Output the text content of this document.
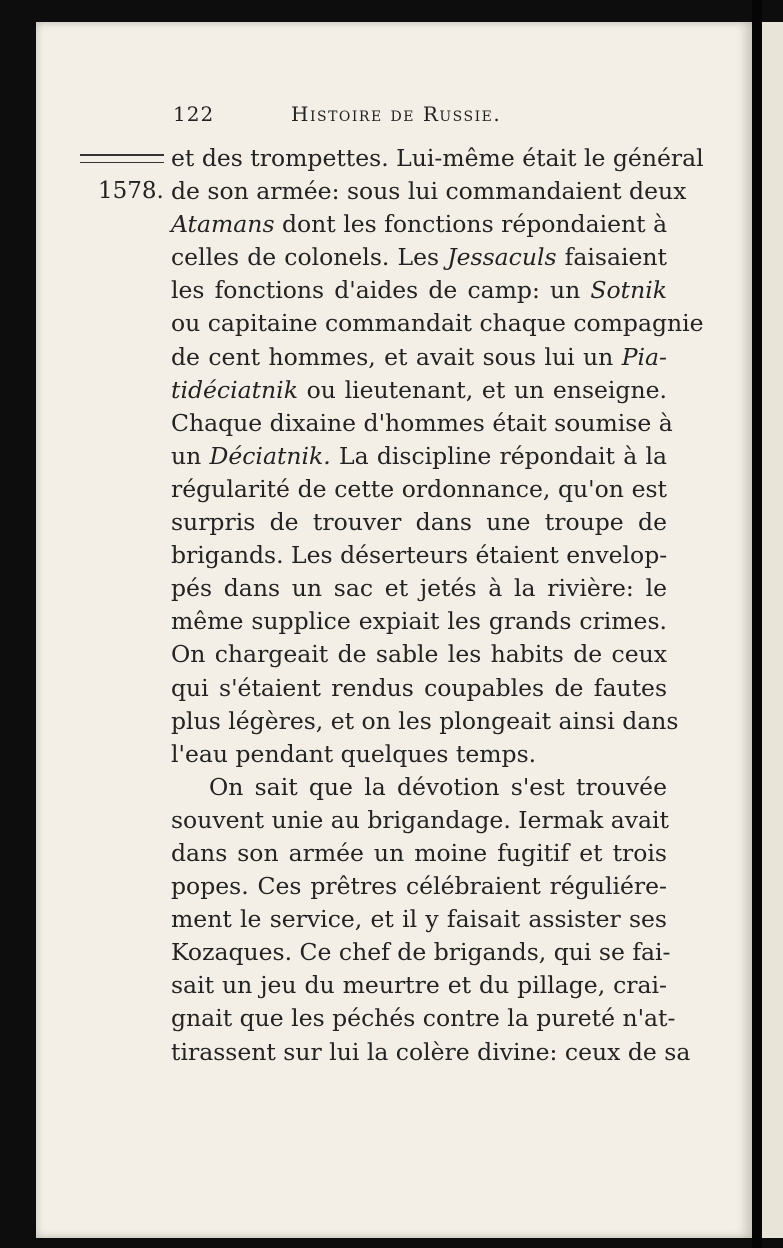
122	Histoire de Russie.
1578.
et des trompettes. Lui-même était le général
de son armée: sous lui commandaient deux
Atamans dont les fonctions répondaient à
celles de colonels. Les Jessaculs faisaient
les fonctions d'aides de camp: un Sotnik
ou capitaine commandait chaque compagnie
de cent hommes, et avait sous lui un Pia-
tidéciatnik ou lieutenant, et un enseigne.
Chaque dixaine d'hommes était soumise à
un Déciatnik. La discipline répondait à la
régularité de cette ordonnance, qu'on est
surpris de trouver dans une troupe de
brigands. Les déserteurs étaient envelop-
pés dans un sac et jetés à la rivière: le
même supplice expiait les grands crimes.
On chargeait de sable les habits de ceux
qui s'étaient rendus coupables de fautes
plus légères, et on les plongeait ainsi dans
l'eau pendant quelques temps.
On sait que la dévotion s'est trouvée
souvent unie au brigandage. Iermak avait
dans son armée un moine fugitif et trois
popes. Ces prêtres célébraient réguliére-
ment le service, et il y faisait assister ses
Kozaques. Ce chef de brigands, qui se fai-
sait un jeu du meurtre et du pillage, crai-
gnait que les péchés contre la pureté n'at-
tirassent sur lui la colère divine: ceux de sa
